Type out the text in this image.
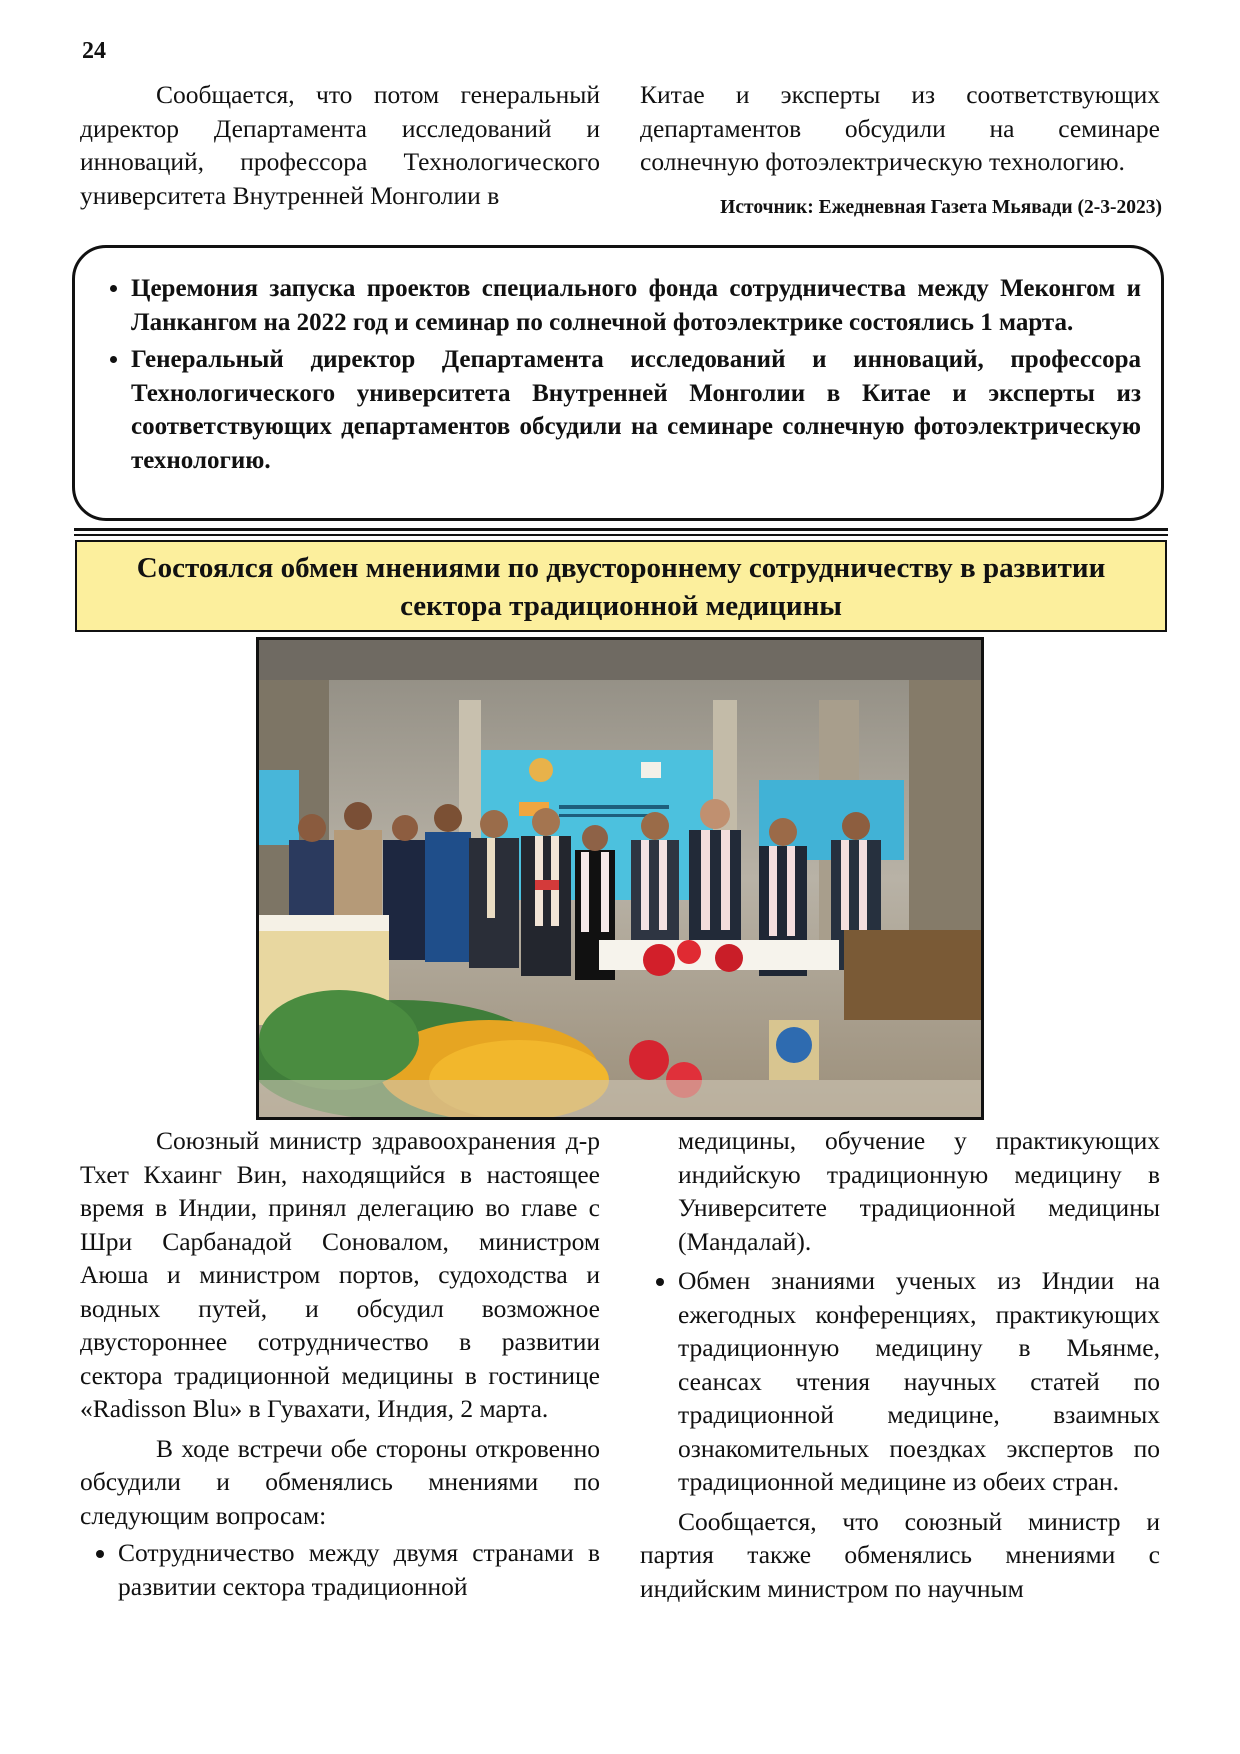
24

Сообщается, что потом генеральный директор Департамента исследований и инноваций, профессора Технологического университета Внутренней Монголии в

Китае и эксперты из соответствующих департаментов обсудили на семинаре солнечную фотоэлектрическую технологию.

Источник: Ежедневная Газета Мьявади (2-3-2023)
• Церемония запуска проектов специального фонда сотрудничества между Меконгом и Ланкангом на 2022 год и семинар по солнечной фотоэлектрике состоялись 1 марта.
• Генеральный директор Департамента исследований и инноваций, профессора Технологического университета Внутренней Монголии в Китае и эксперты из соответствующих департаментов обсудили на семинаре солнечную фотоэлектрическую технологию.
Состоялся обмен мнениями по двустороннему сотрудничеству в развитии
сектора традиционной медицины

Союзный министр здравоохранения д-р Тхет Кхаинг Вин, находящийся в настоящее время в Индии, принял делегацию во главе с Шри Сарбанадой Соновалом, министром Аюша и министром портов, судоходства и водных путей, и обсудил возможное двустороннее сотрудничество в развитии сектора традиционной медицины в гостинице «Radisson Blu» в Гувахати, Индия, 2 марта.

В ходе встречи обе стороны откровенно обсудили и обменялись мнениями по следующим вопросам:

• Сотрудничество между двумя странами в развитии сектора традиционной

медицины, обучение у практикующих индийскую традиционную медицину в Университете традиционной медицины (Мандалай).

• Обмен знаниями ученых из Индии на ежегодных конференциях, практикующих традиционную медицину в Мьянме, сеансах чтения научных статей по традиционной медицине, взаимных ознакомительных поездках экспертов по традиционной медицине из обеих стран.

Сообщается, что союзный министр и партия также обменялись мнениями с индийским министром по научным
